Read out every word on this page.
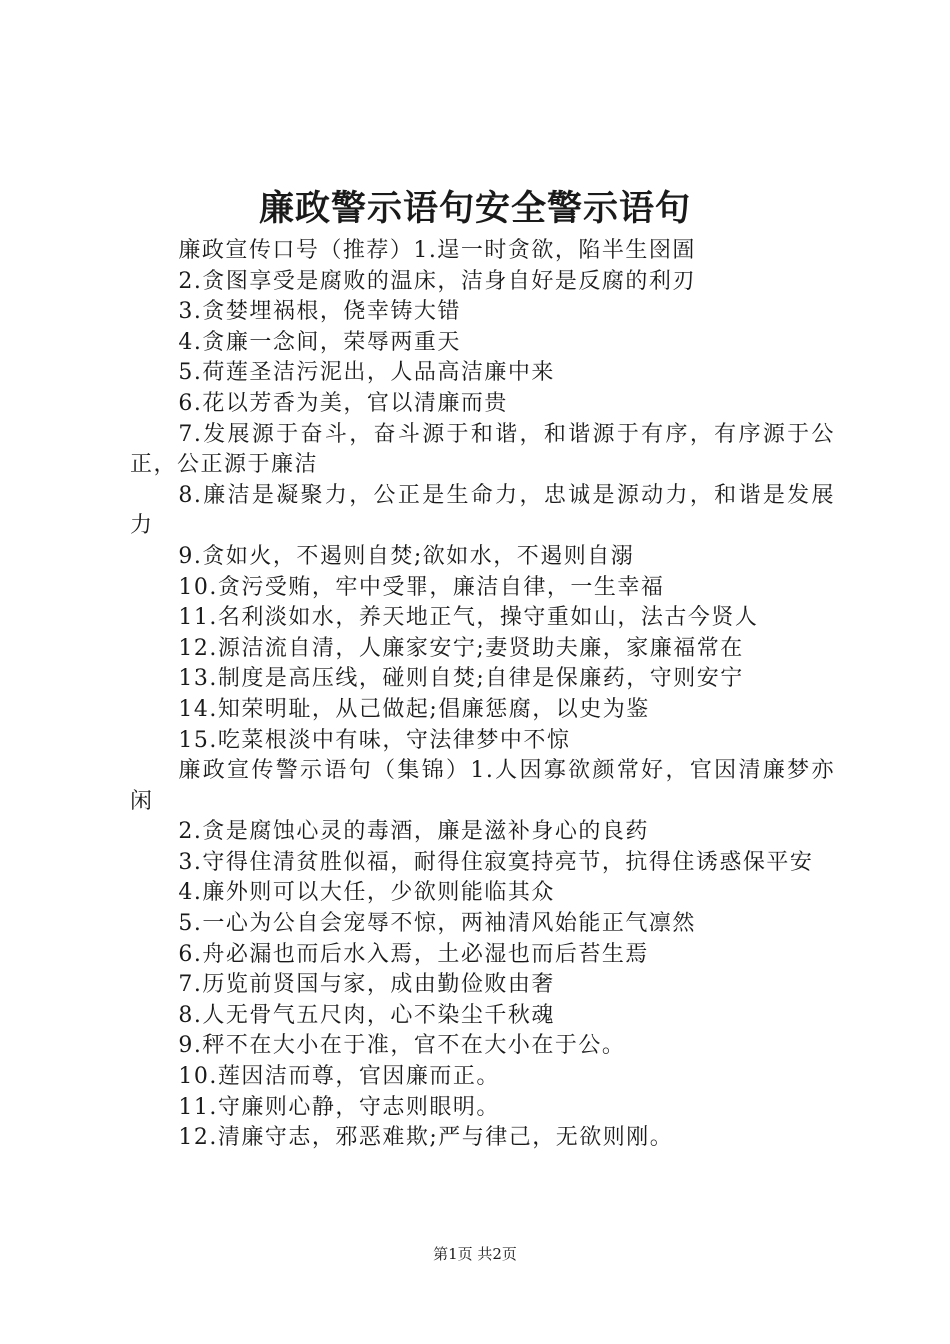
廉政警示语句安全警示语句

廉政宣传口号（推荐）1.逞一时贪欲，陷半生囹圄

2.贪图享受是腐败的温床，洁身自好是反腐的利刃

3.贪婪埋祸根，侥幸铸大错

4.贪廉一念间，荣辱两重天

5.荷莲圣洁污泥出，人品高洁廉中来

6.花以芳香为美，官以清廉而贵

7.发展源于奋斗，奋斗源于和谐，和谐源于有序，有序源于公正，公正源于廉洁

8.廉洁是凝聚力，公正是生命力，忠诚是源动力，和谐是发展力

9.贪如火，不遏则自焚;欲如水，不遏则自溺

10.贪污受贿，牢中受罪，廉洁自律，一生幸福

11.名利淡如水，养天地正气，操守重如山，法古今贤人

12.源洁流自清，人廉家安宁;妻贤助夫廉，家廉福常在

13.制度是高压线，碰则自焚;自律是保廉药，守则安宁

14.知荣明耻，从己做起;倡廉惩腐，以史为鉴

15.吃菜根淡中有味，守法律梦中不惊

廉政宣传警示语句（集锦）1.人因寡欲颜常好，官因清廉梦亦闲

2.贪是腐蚀心灵的毒酒，廉是滋补身心的良药

3.守得住清贫胜似福，耐得住寂寞持亮节，抗得住诱惑保平安

4.廉外则可以大任，少欲则能临其众

5.一心为公自会宠辱不惊，两袖清风始能正气凛然

6.舟必漏也而后水入焉，土必湿也而后苔生焉

7.历览前贤国与家，成由勤俭败由奢

8.人无骨气五尺肉，心不染尘千秋魂

9.秤不在大小在于准，官不在大小在于公。

10.莲因洁而尊，官因廉而正。

11.守廉则心静，守志则眼明。

12.清廉守志，邪恶难欺;严与律己，无欲则刚。

第1页 共2页
